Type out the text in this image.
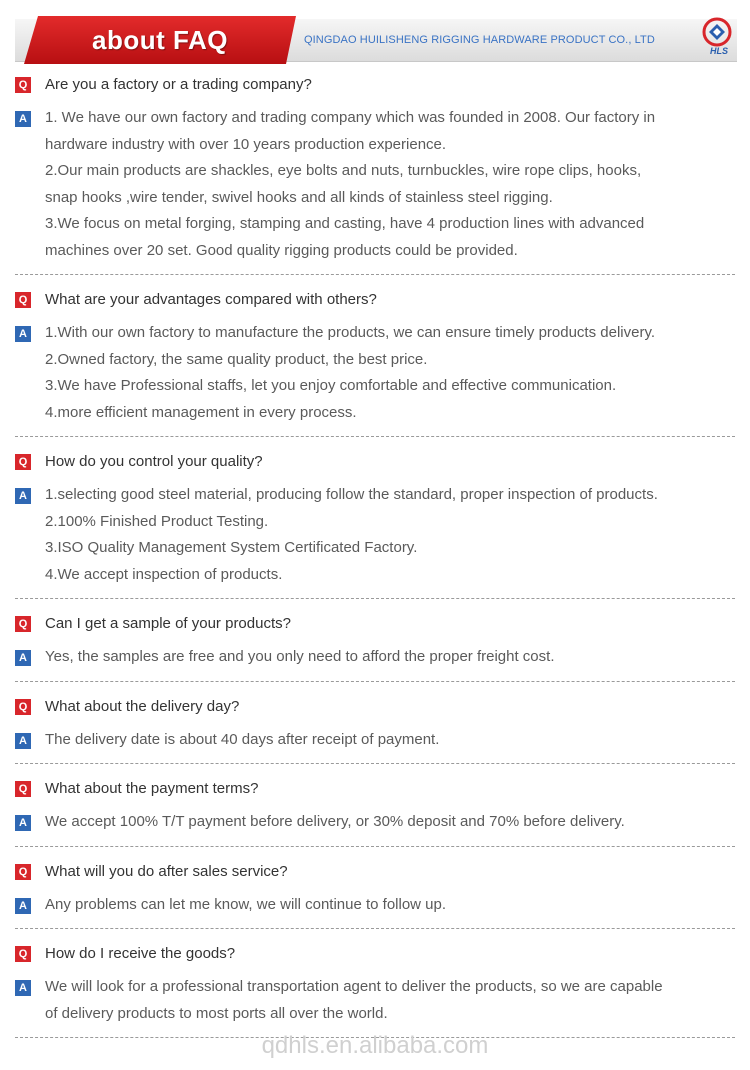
about FAQ	QINGDAO HUILISHENG RIGGING HARDWARE PRODUCT CO., LTD
HLS
Q Are you a factory or a trading company?
A 1. We have our own factory and trading company which was founded in 2008. Our factory in
hardware industry with over 10 years production experience.
2.Our main products are shackles, eye bolts and nuts, turnbuckles, wire rope clips, hooks,
snap hooks ,wire tender, swivel hooks and all kinds of stainless steel rigging.
3.We focus on metal forging, stamping and casting, have 4 production lines with advanced
machines over 20 set. Good quality rigging products could be provided.
Q What are your advantages compared with others?
A 1.With our own factory to manufacture the products, we can ensure timely products delivery.
2.Owned factory, the same quality product, the best price.
3.We have Professional staffs, let you enjoy comfortable and effective communication.
4.more efficient management in every process.
Q How do you control your quality?
A 1.selecting good steel material, producing follow the standard, proper inspection of products.
2.100% Finished Product Testing.
3.ISO Quality Management System Certificated Factory.
4.We accept inspection of products.
Q Can I get a sample of your products?
A Yes, the samples are free and you only need to afford the proper freight cost.
Q What about the delivery day?
A The delivery date is about 40 days after receipt of payment.
Q What about the payment terms?
A We accept 100% T/T payment before delivery, or 30% deposit and 70% before delivery.
Q What will you do after sales service?
A Any problems can let me know, we will continue to follow up.
Q How do I receive the goods?
A We will look for a professional transportation agent to deliver the products, so we are capable
of delivery products to most ports all over the world.
qdhls.en.alibaba.com
